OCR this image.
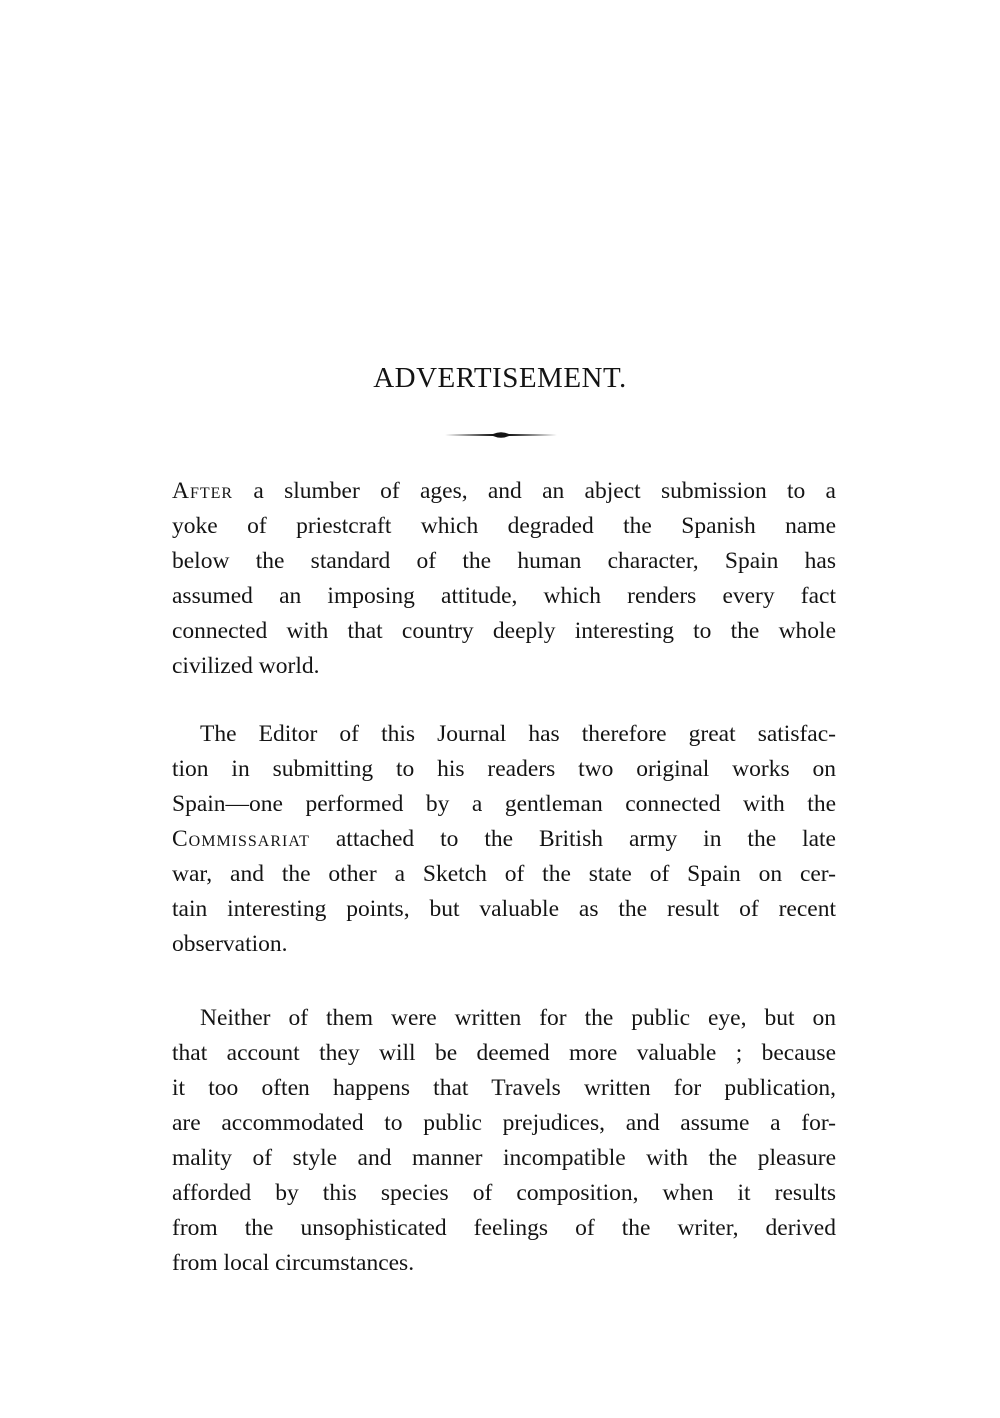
ADVERTISEMENT.
After a slumber of ages, and an abject submission to a
yoke of priestcraft which degraded the Spanish name
below the standard of the human character, Spain has
assumed an imposing attitude, which renders every fact
connected with that country deeply interesting to the whole
civilized world.
The Editor of this Journal has therefore great satisfac-
tion in submitting to his readers two original works on
Spain—one performed by a gentleman connected with the
Commissariat attached to the British army in the late
war, and the other a Sketch of the state of Spain on cer-
tain interesting points, but valuable as the result of recent
observation.
Neither of them were written for the public eye, but on
that account they will be deemed more valuable ; because
it too often happens that Travels written for publication,
are accommodated to public prejudices, and assume a for-
mality of style and manner incompatible with the pleasure
afforded by this species of composition, when it results
from the unsophisticated feelings of the writer, derived
from local circumstances.
